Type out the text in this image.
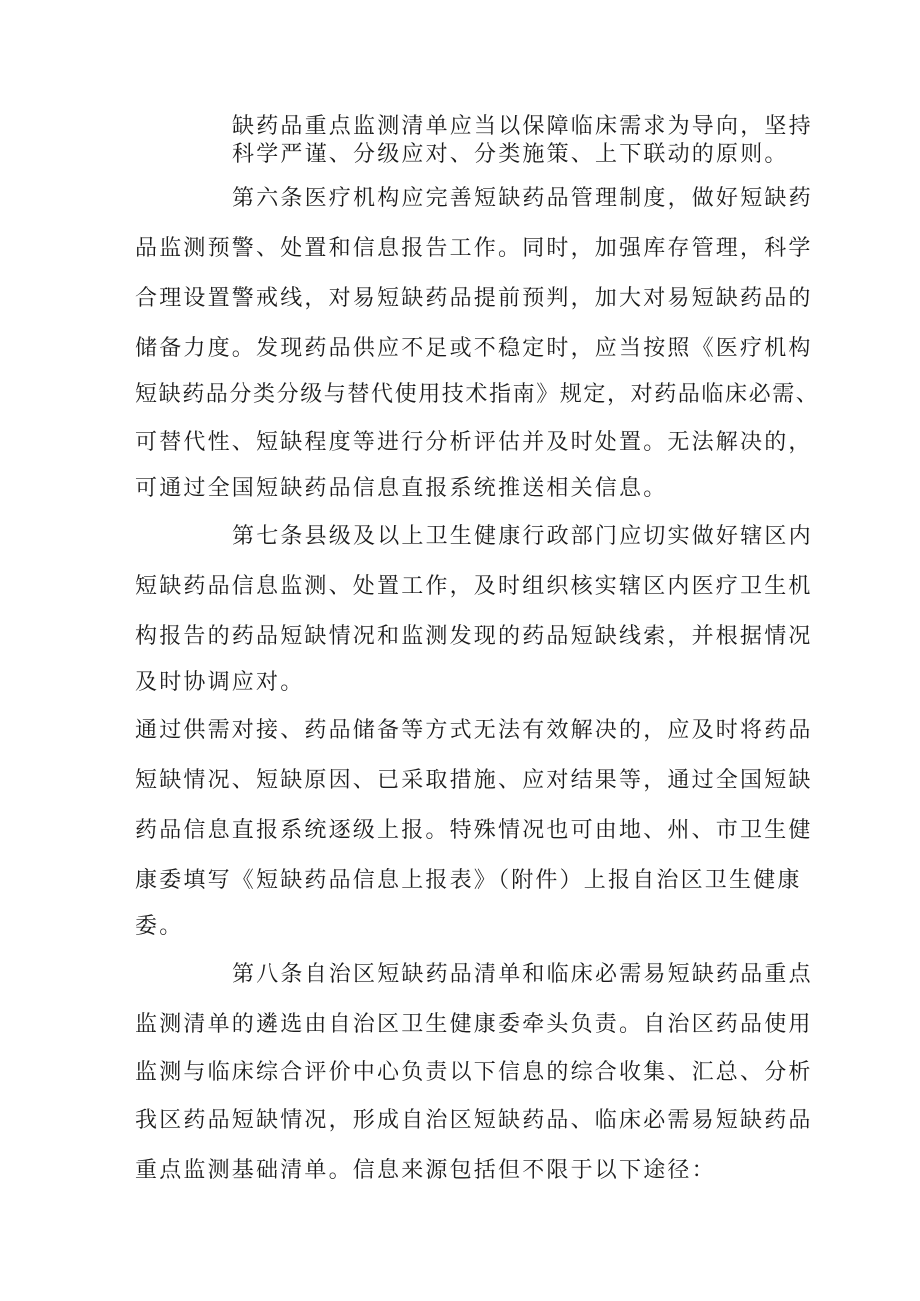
缺药品重点监测清单应当以保障临床需求为导向，坚持
科学严谨、分级应对、分类施策、上下联动的原则。
第六条医疗机构应完善短缺药品管理制度，做好短缺药
品监测预警、处置和信息报告工作。同时，加强库存管理，科学
合理设置警戒线，对易短缺药品提前预判，加大对易短缺药品的
储备力度。发现药品供应不足或不稳定时，应当按照《医疗机构
短缺药品分类分级与替代使用技术指南》规定，对药品临床必需、
可替代性、短缺程度等进行分析评估并及时处置。无法解决的，
可通过全国短缺药品信息直报系统推送相关信息。
第七条县级及以上卫生健康行政部门应切实做好辖区内
短缺药品信息监测、处置工作，及时组织核实辖区内医疗卫生机
构报告的药品短缺情况和监测发现的药品短缺线索，并根据情况
及时协调应对。
通过供需对接、药品储备等方式无法有效解决的，应及时将药品
短缺情况、短缺原因、已采取措施、应对结果等，通过全国短缺
药品信息直报系统逐级上报。特殊情况也可由地、州、市卫生健
康委填写《短缺药品信息上报表》（附件）上报自治区卫生健康
委。
第八条自治区短缺药品清单和临床必需易短缺药品重点
监测清单的遴选由自治区卫生健康委牵头负责。自治区药品使用
监测与临床综合评价中心负责以下信息的综合收集、汇总、分析
我区药品短缺情况，形成自治区短缺药品、临床必需易短缺药品
重点监测基础清单。信息来源包括但不限于以下途径：
